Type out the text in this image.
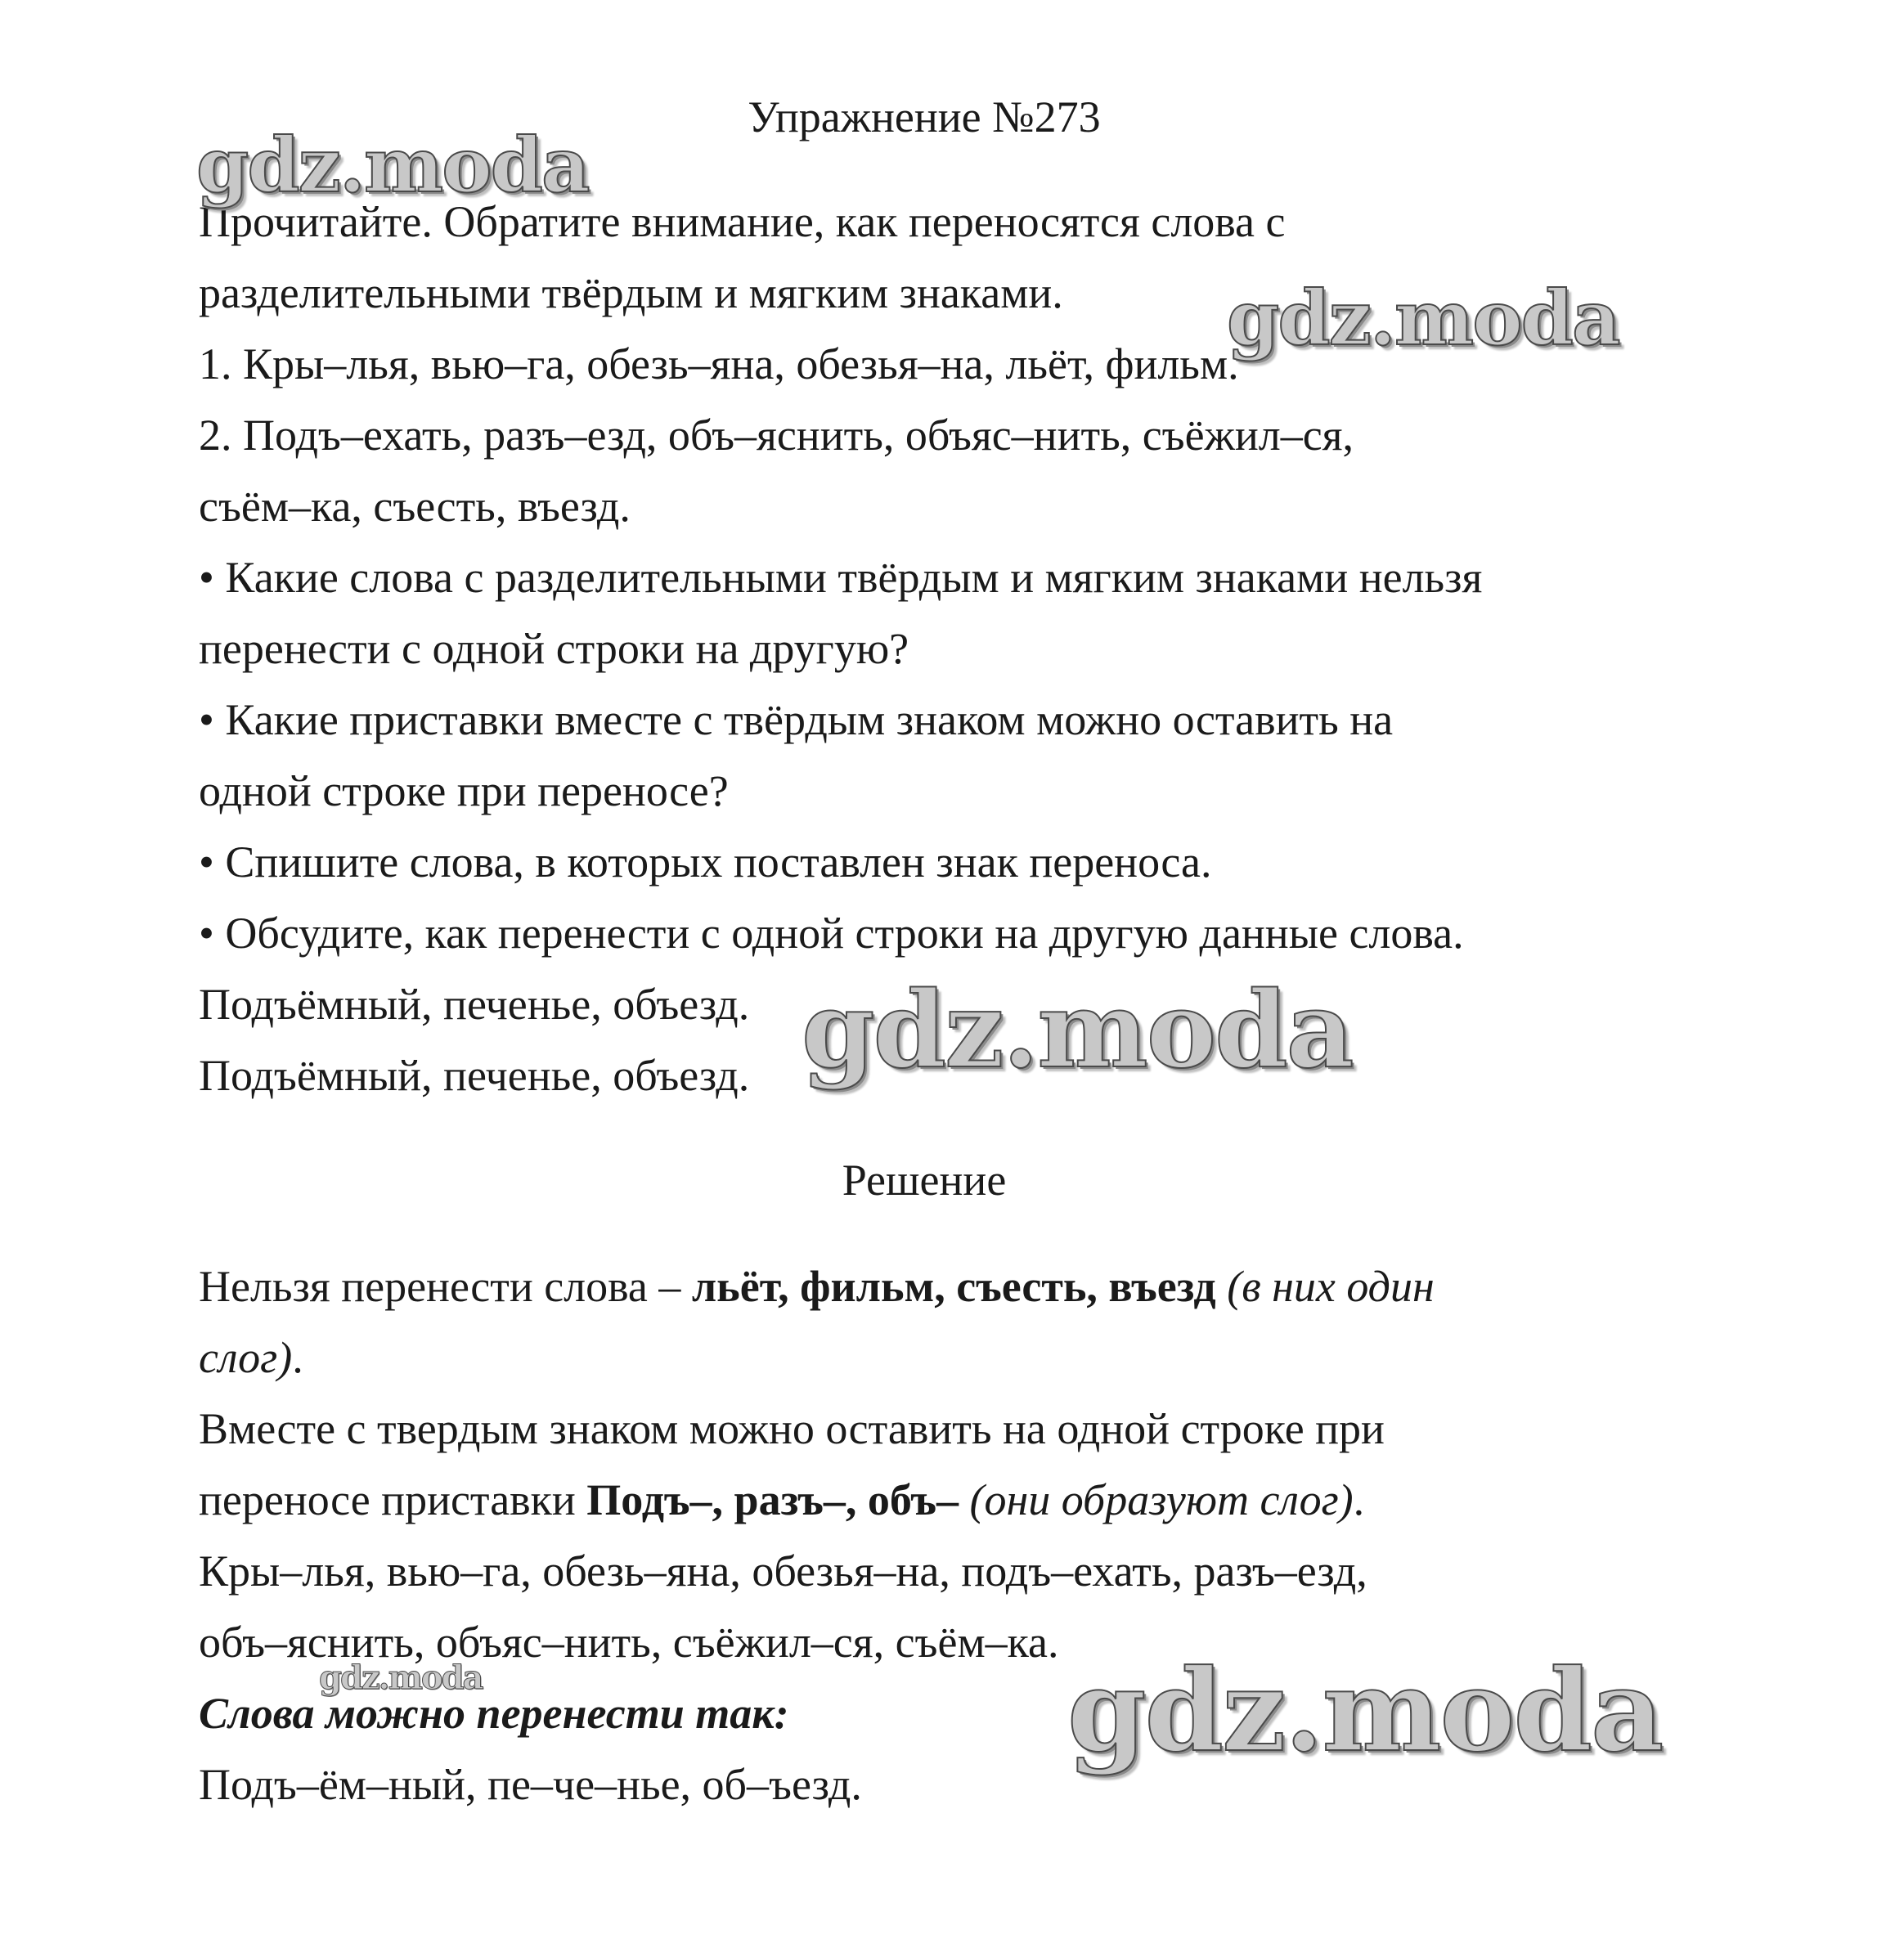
Упражнение №273

Прочитайте. Обратите внимание, как переносятся слова с

разделительными твёрдым и мягким знаками.

1. Кры–лья, вью–га, обезь–яна, обезья–на, льёт, фильм.

2. Подъ–ехать, разъ–езд, объ–яснить, объяс–нить, съёжил–ся,

съём–ка, съесть, въезд.

• Какие слова с разделительными твёрдым и мягким знаками нельзя

перенести с одной строки на другую?

• Какие приставки вместе с твёрдым знаком можно оставить на

одной строке при переносе?

• Спишите слова, в которых поставлен знак переноса.

• Обсудите, как перенести с одной строки на другую данные слова.

Подъёмный, печенье, объезд.

Подъёмный, печенье, объезд.

Решение

Нельзя перенести слова – льёт, фильм, съесть, въезд (в них один

слог).

Вместе с твердым знаком можно оставить на одной строке при

переносе приставки Подъ–, разъ–, объ– (они образуют слог).

Кры–лья, вью–га, обезь–яна, обезья–на, подъ–ехать, разъ–езд,

объ–яснить, объяс–нить, съёжил–ся, съём–ка.

Слова можно перенести так:

Подъ–ём–ный, пе–че–нье, об–ъезд.

gdz.moda
gdz.moda
gdz.moda
gdz.moda	gdz.moda
